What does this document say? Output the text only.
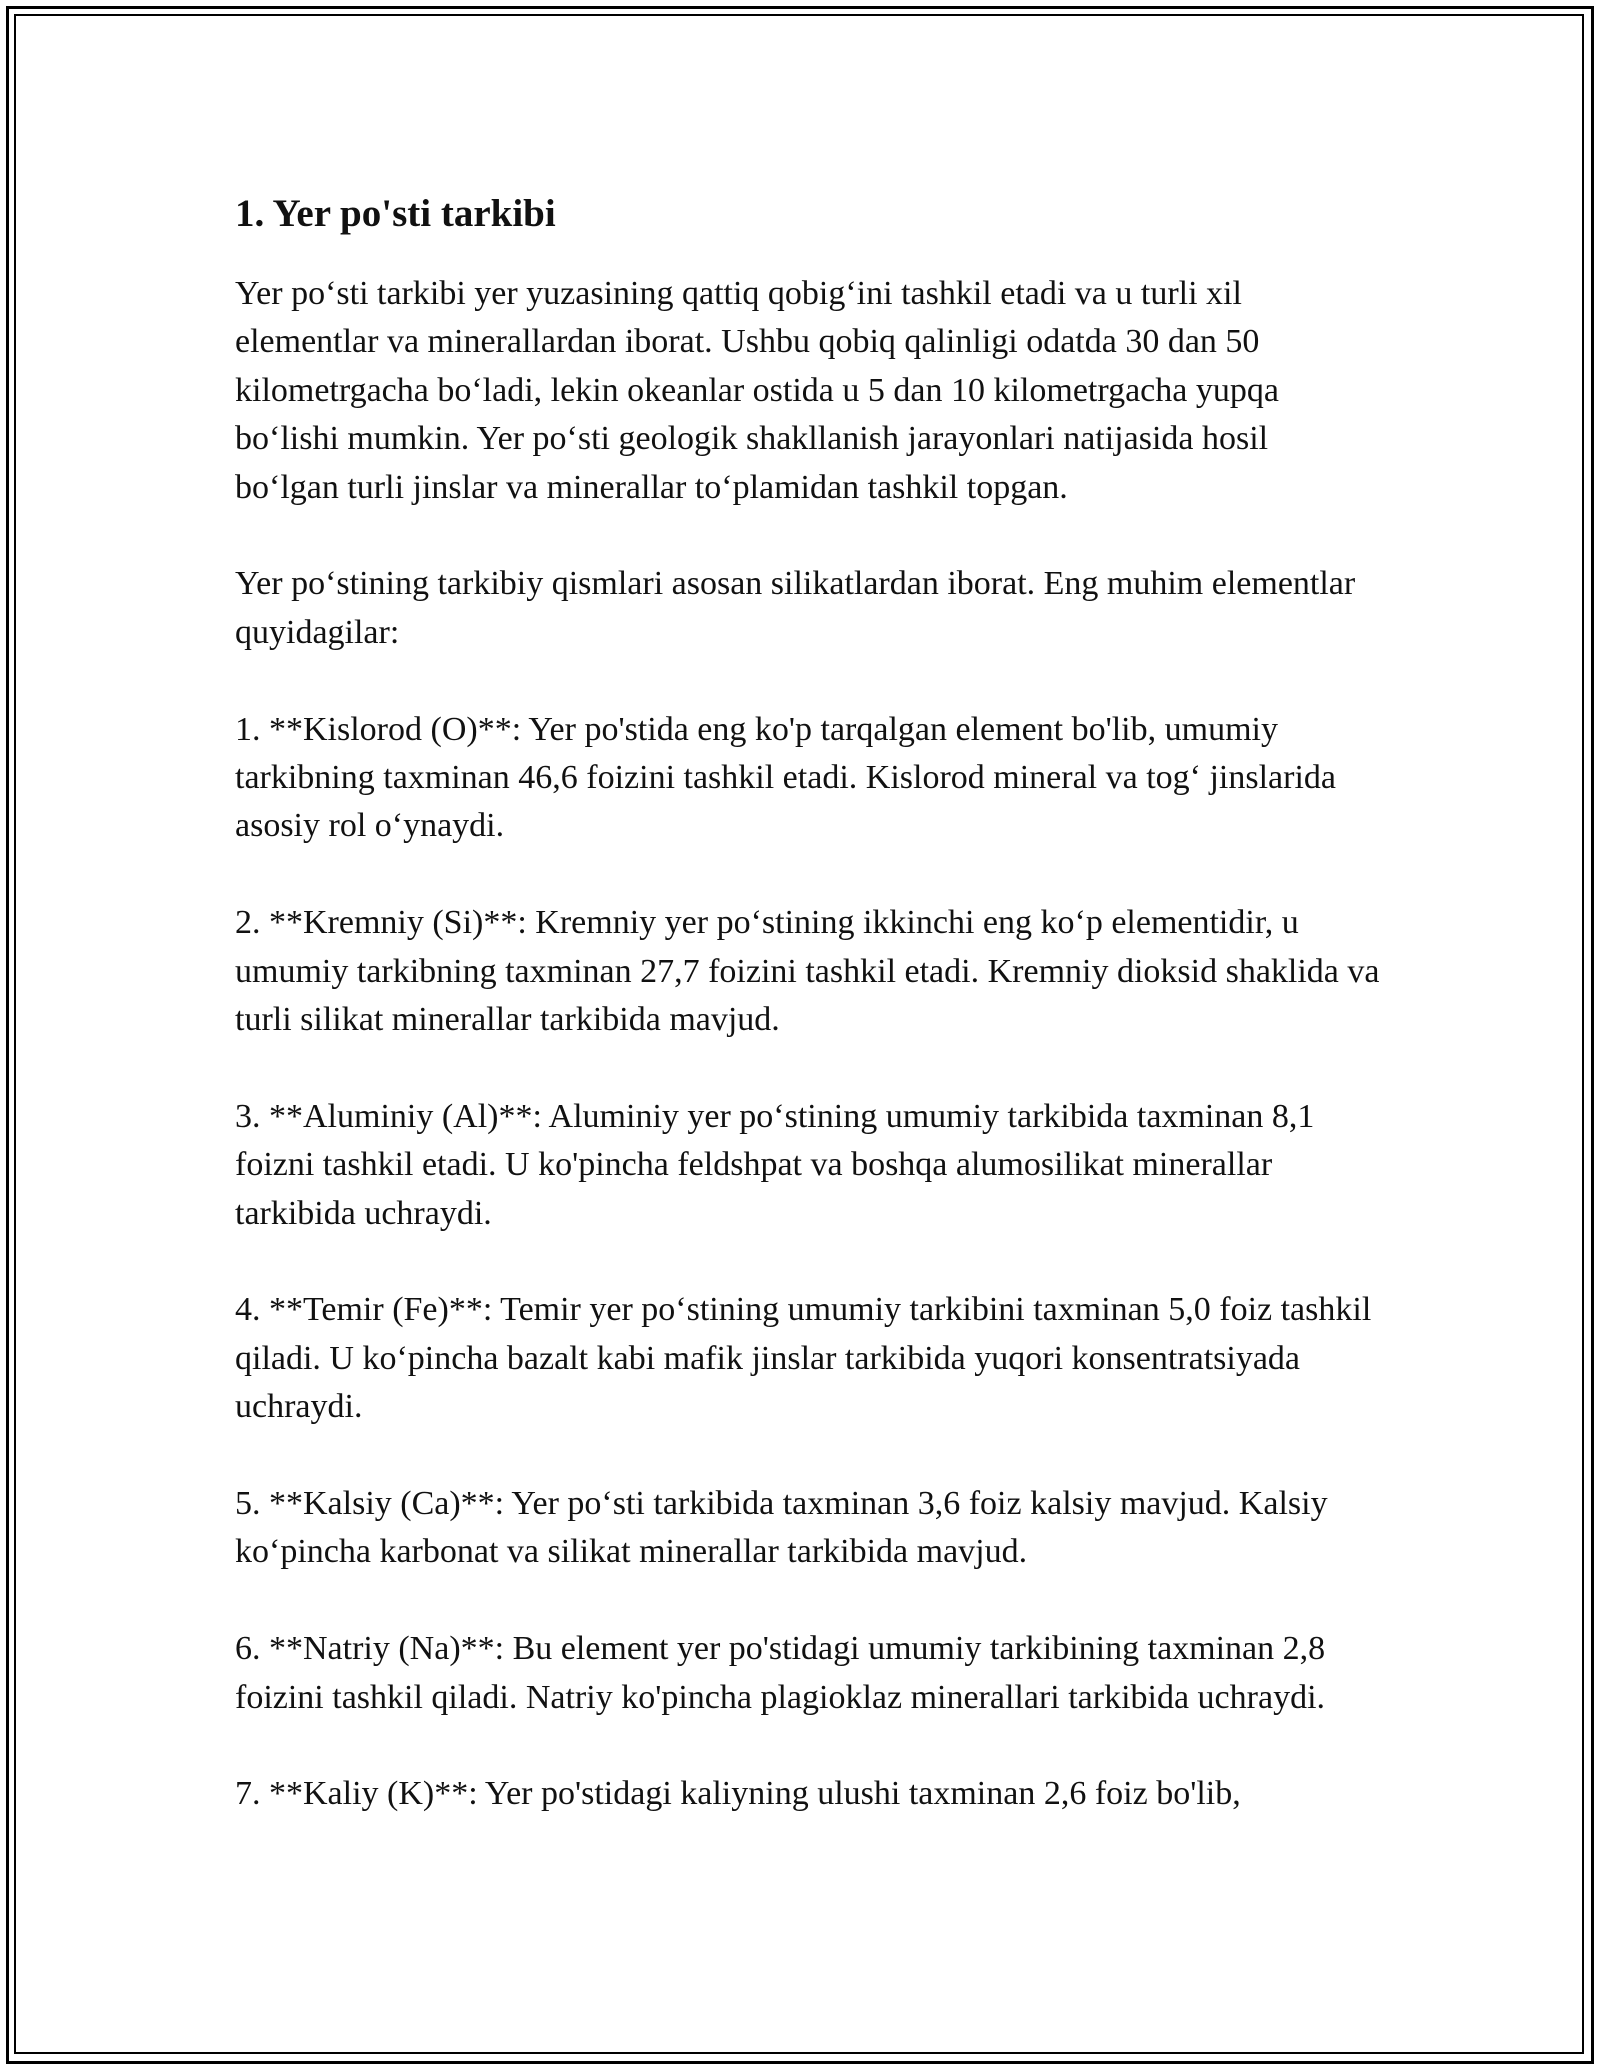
1. Yer po'sti tarkibi

Yer po‘sti tarkibi yer yuzasining qattiq qobig‘ini tashkil etadi va u turli xil elementlar va minerallardan iborat. Ushbu qobiq qalinligi odatda 30 dan 50 kilometrgacha bo‘ladi, lekin okeanlar ostida u 5 dan 10 kilometrgacha yupqa bo‘lishi mumkin. Yer po‘sti geologik shakllanish jarayonlari natijasida hosil bo‘lgan turli jinslar va minerallar to‘plamidan tashkil topgan.

Yer po‘stining tarkibiy qismlari asosan silikatlardan iborat. Eng muhim elementlar quyidagilar:

1. **Kislorod (O)**: Yer po'stida eng ko'p tarqalgan element bo'lib, umumiy tarkibning taxminan 46,6 foizini tashkil etadi. Kislorod mineral va tog‘ jinslarida asosiy rol o‘ynaydi.

2. **Kremniy (Si)**: Kremniy yer po‘stining ikkinchi eng ko‘p elementidir, u umumiy tarkibning taxminan 27,7 foizini tashkil etadi. Kremniy dioksid shaklida va turli silikat minerallar tarkibida mavjud.

3. **Aluminiy (Al)**: Aluminiy yer po‘stining umumiy tarkibida taxminan 8,1 foizni tashkil etadi. U ko'pincha feldshpat va boshqa alumosilikat minerallar tarkibida uchraydi.

4. **Temir (Fe)**: Temir yer po‘stining umumiy tarkibini taxminan 5,0 foiz tashkil qiladi. U ko‘pincha bazalt kabi mafik jinslar tarkibida yuqori konsentratsiyada uchraydi.

5. **Kalsiy (Ca)**: Yer po‘sti tarkibida taxminan 3,6 foiz kalsiy mavjud. Kalsiy ko‘pincha karbonat va silikat minerallar tarkibida mavjud.

6. **Natriy (Na)**: Bu element yer po'stidagi umumiy tarkibining taxminan 2,8 foizini tashkil qiladi. Natriy ko'pincha plagioklaz minerallari tarkibida uchraydi.

7. **Kaliy (K)**: Yer po'stidagi kaliyning ulushi taxminan 2,6 foiz bo'lib,
